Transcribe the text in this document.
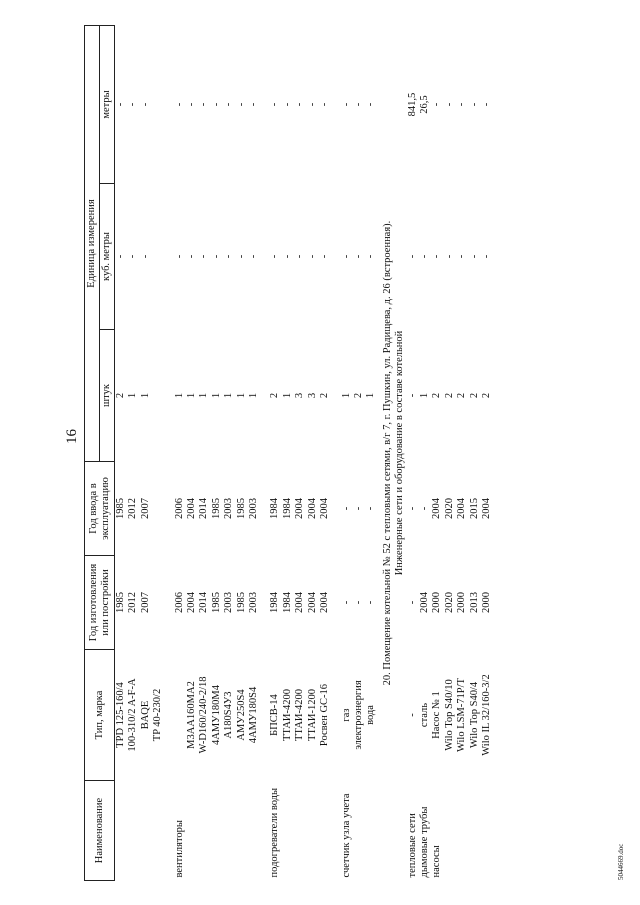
16
5044669.doc
Наименование	Тип, марка	Год изготовления или постройки	Год ввода в эксплуатацию	Единица измерения		
				штук	куб. метры	метры
	TPD 125-160/4	1985	1985	2	-	-
	100-310/2 A-F-A	2012	2012	1	-	-
	BAQE	2007	2007	1	-	-
	TP 40-230/2					

вентиляторы		2006	2006	1	-	-
	М3АА160МА2	2004	2004	1	-	-
	W-D160/240-2/18	2014	2014	1	-	-
	4АМУ180М4	1985	1985	1	-	-
	А180S4У3	2003	2003	1	-	-
	АМУ250S4	1985	1985	1	-	-
	4АМУ180S4	2003	2003	1	-	-

подогреватели воды	БПСВ-14	1984	1984	2	-	-
	ТТАИ-4200	1984	1984	1	-	-
	ТТАИ-4200	2004	2004	3	-	-
	ТТАИ-1200	2004	2004	3	-	-
	Росвен GC-16	2004	2004	2	-	-

счетчик узла учета	газ	-	-	1	-	-
	электроэнергия	-	-	2	-	-
	вода	-	-	1	-	-
20. Помещение котельной № 52 с тепловыми сетями, в/г 7, г. Пушкин, ул. Радищева, д. 26 (встроенная).						
Инженерные сети и оборудование в составе котельной						
тепловые сети	-	-	-	-	-	841,5
дымовые трубы	сталь	2004	-	1	-	26,5
насосы	Насос № 1	2000	2004	2	-	-
	Wilo Top S40/10	2020	2020	2	-	-
	Wilo LSM-71P/T	2000	2004	2	-	-
	Wilo Top S40/4	2013	2015	2	-	-
	Wilo IL 32/160-3/2	2000	2004	2	-	-
